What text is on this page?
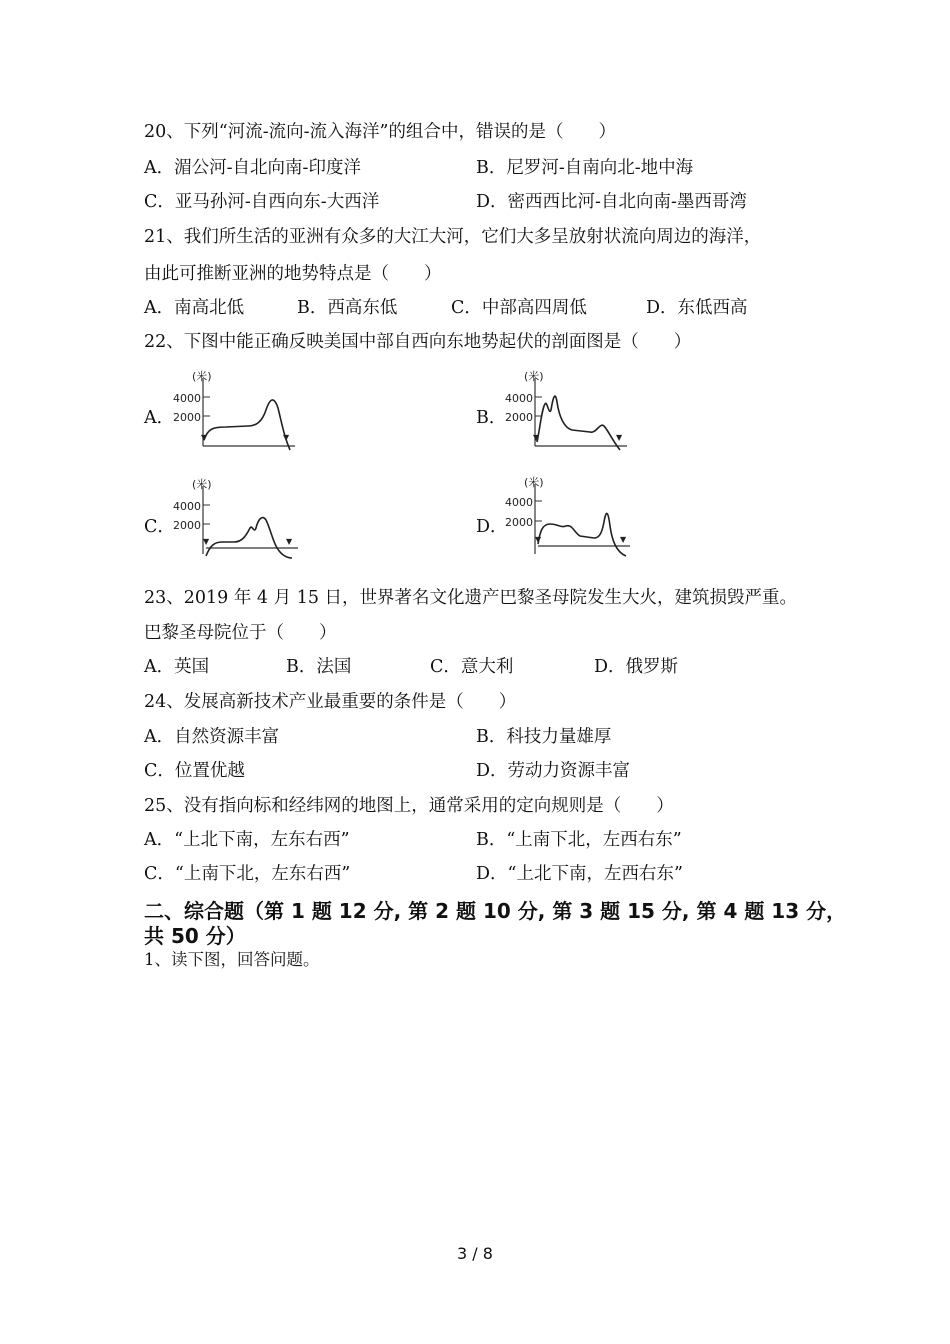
20、下列“河流-流向-流入海洋”的组合中，错误的是（　　）
A．湄公河-自北向南-印度洋	B．尼罗河-自南向北-地中海
C．亚马孙河-自西向东-大西洋	D．密西西比河-自北向南-墨西哥湾
21、我们所生活的亚洲有众多的大江大河，它们大多呈放射状流向周边的海洋，
由此可推断亚洲的地势特点是（　　）
A．南高北低	B．西高东低	C．中部高四周低	D．东低西高
22、下图中能正确反映美国中部自西向东地势起伏的剖面图是（　　）
A．
(米)
4000
2000
▼	▼
B．
(米)
4000
2000
▼	▼
C．
(米)
4000
2000
▼	▼
D．
(米)
4000
2000
▼	▼
23、2019 年 4 月 15 日，世界著名文化遗产巴黎圣母院发生大火，建筑损毁严重。
巴黎圣母院位于（　　）
A．英国	B．法国	C．意大利	D．俄罗斯
24、发展高新技术产业最重要的条件是（　　）
A．自然资源丰富	B．科技力量雄厚
C．位置优越	D．劳动力资源丰富
25、没有指向标和经纬网的地图上，通常采用的定向规则是（　　）
A．“上北下南，左东右西”	B．“上南下北，左西右东”
C．“上南下北，左东右西”	D．“上北下南，左西右东”
二、综合题（第 1 题 12 分, 第 2 题 10 分, 第 3 题 15 分, 第 4 题 13 分，
共 50 分）
1、读下图，回答问题。
3 / 8
